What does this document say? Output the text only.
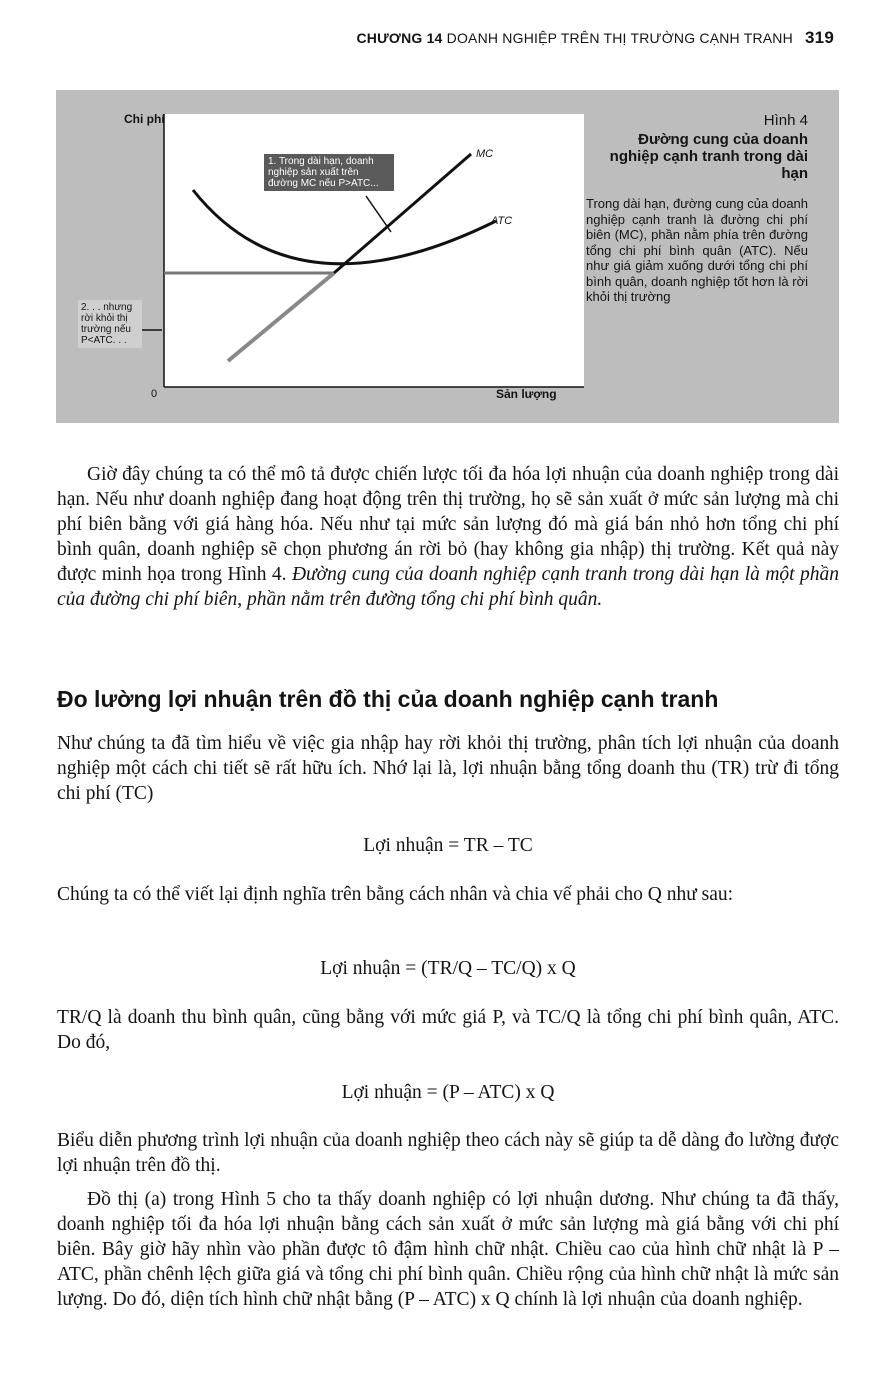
CHƯƠNG 14 DOANH NGHIỆP TRÊN THỊ TRƯỜNG CẠNH TRANH 319
Chi phí
Sản lượng
0
MC
ATC
1. Trong dài hạn, doanh nghiệp sản xuất trên đường MC nếu P>ATC...
2. . . nhưng rời khỏi thị trường nếu P<ATC. . .
Hình 4
Đường cung của doanh nghiệp cạnh tranh trong dài hạn
Trong dài hạn, đường cung của doanh nghiệp cạnh tranh là đường chi phí biên (MC), phần nằm phía trên đường tổng chi phí bình quân (ATC). Nếu như giá giảm xuống dưới tổng chi phí bình quân, doanh nghiệp tốt hơn là rời khỏi thị trường

Giờ đây chúng ta có thể mô tả được chiến lược tối đa hóa lợi nhuận của doanh nghiệp trong dài hạn. Nếu như doanh nghiệp đang hoạt động trên thị trường, họ sẽ sản xuất ở mức sản lượng mà chi phí biên bằng với giá hàng hóa. Nếu như tại mức sản lượng đó mà giá bán nhỏ hơn tổng chi phí bình quân, doanh nghiệp sẽ chọn phương án rời bỏ (hay không gia nhập) thị trường. Kết quả này được minh họa trong Hình 4. Đường cung của doanh nghiệp cạnh tranh trong dài hạn là một phần của đường chi phí biên, phần nằm trên đường tổng chi phí bình quân.

Đo lường lợi nhuận trên đồ thị của doanh nghiệp cạnh tranh

Như chúng ta đã tìm hiểu về việc gia nhập hay rời khỏi thị trường, phân tích lợi nhuận của doanh nghiệp một cách chi tiết sẽ rất hữu ích. Nhớ lại là, lợi nhuận bằng tổng doanh thu (TR) trừ đi tổng chi phí (TC)

Lợi nhuận = TR – TC

Chúng ta có thể viết lại định nghĩa trên bằng cách nhân và chia vế phải cho Q như sau:

Lợi nhuận = (TR/Q – TC/Q) x Q

TR/Q là doanh thu bình quân, cũng bằng với mức giá P, và TC/Q là tổng chi phí bình quân, ATC. Do đó,

Lợi nhuận = (P – ATC) x Q

Biểu diễn phương trình lợi nhuận của doanh nghiệp theo cách này sẽ giúp ta dễ dàng đo lường được lợi nhuận trên đồ thị.

Đồ thị (a) trong Hình 5 cho ta thấy doanh nghiệp có lợi nhuận dương. Như chúng ta đã thấy, doanh nghiệp tối đa hóa lợi nhuận bằng cách sản xuất ở mức sản lượng mà giá bằng với chi phí biên. Bây giờ hãy nhìn vào phần được tô đậm hình chữ nhật. Chiều cao của hình chữ nhật là P – ATC, phần chênh lệch giữa giá và tổng chi phí bình quân. Chiều rộng của hình chữ nhật là mức sản lượng. Do đó, diện tích hình chữ nhật bằng (P – ATC) x Q chính là lợi nhuận của doanh nghiệp.
